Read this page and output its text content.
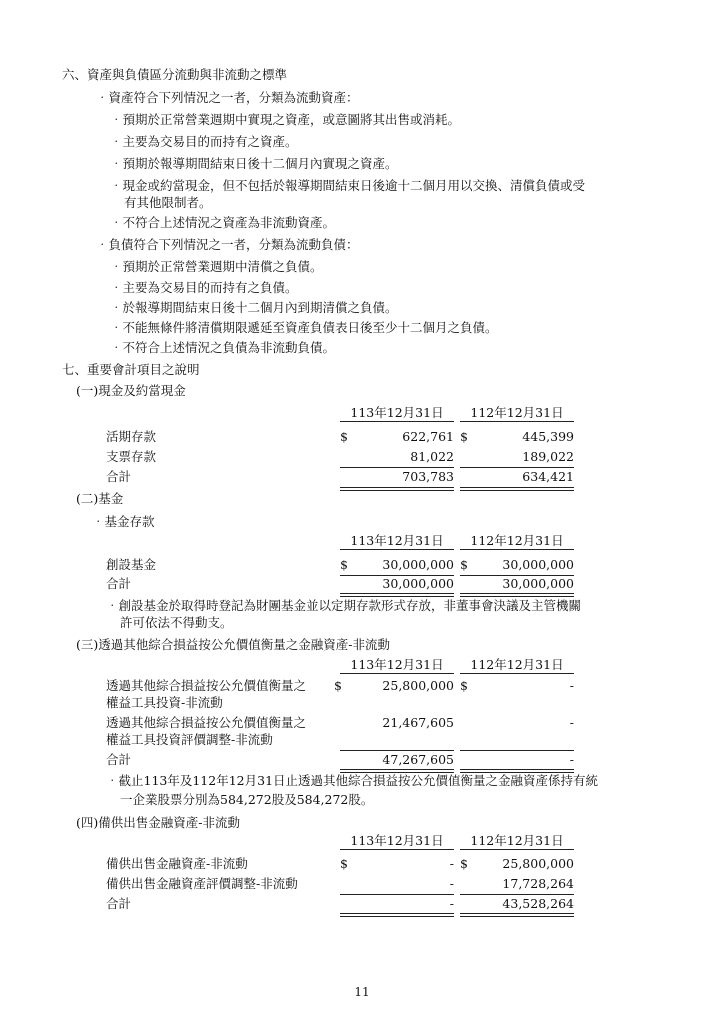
六、資產與負債區分流動與非流動之標準
‧資產符合下列情況之一者，分類為流動資產：
‧預期於正常營業週期中實現之資產，或意圖將其出售或消耗。
‧主要為交易目的而持有之資產。
‧預期於報導期間結束日後十二個月內實現之資產。
‧現金或約當現金，但不包括於報導期間結束日後逾十二個月用以交換、清償負債或受
有其他限制者。
‧不符合上述情況之資產為非流動資產。
‧負債符合下列情況之一者，分類為流動負債：
‧預期於正常營業週期中清償之負債。
‧主要為交易目的而持有之負債。
‧於報導期間結束日後十二個月內到期清償之負債。
‧不能無條件將清償期限遞延至資產負債表日後至少十二個月之負債。
‧不符合上述情況之負債為非流動負債。
七、重要會計項目之說明
(一)現金及約當現金
113年12月31日	112年12月31日
活期存款	$	622,761 $	445,399
支票存款	81,022	189,022
合計	703,783	634,421
(二)基金
‧基金存款
113年12月31日	112年12月31日
創設基金	$	30,000,000 $	30,000,000
合計	30,000,000	30,000,000
‧創設基金於取得時登記為財團基金並以定期存款形式存放，非董事會決議及主管機關
許可依法不得動支。
(三)透過其他綜合損益按公允價值衡量之金融資產-非流動
113年12月31日	112年12月31日
透過其他綜合損益按公允價值衡量之
權益工具投資-非流動
$	25,800,000 $	-
透過其他綜合損益按公允價值衡量之
權益工具投資評價調整-非流動
21,467,605	-
合計	47,267,605	-
‧截止113年及112年12月31日止透過其他綜合損益按公允價值衡量之金融資產係持有統
一企業股票分別為584,272股及584,272股。
(四)備供出售金融資產-非流動
113年12月31日	112年12月31日
備供出售金融資產-非流動	$	- $	25,800,000
備供出售金融資產評價調整-非流動	-	17,728,264
合計	-	43,528,264
11
